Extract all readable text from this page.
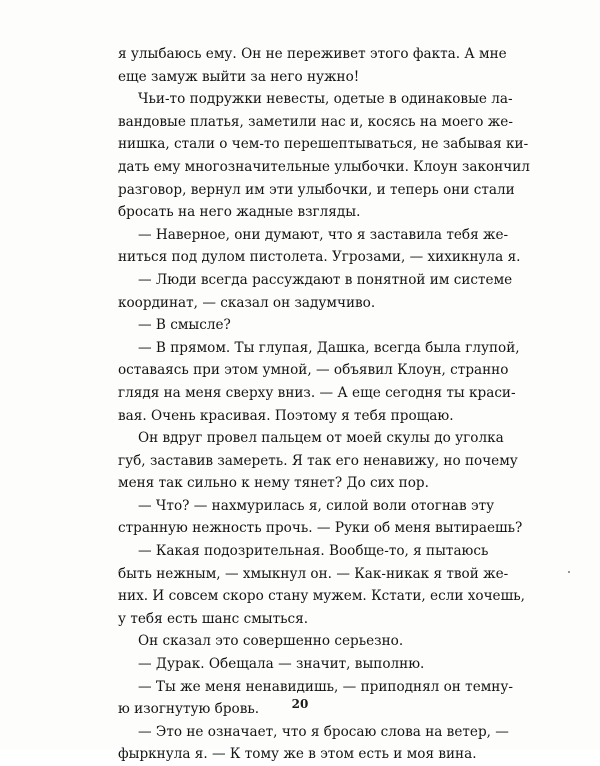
я улыбаюсь ему. Он не переживет этого факта. А мне
еще замуж выйти за него нужно!
Чьи-то подружки невесты, одетые в одинаковые ла-
вандовые платья, заметили нас и, косясь на моего же-
нишка, стали о чем-то перешептываться, не забывая ки-
дать ему многозначительные улыбочки. Клоун закончил
разговор, вернул им эти улыбочки, и теперь они стали
бросать на него жадные взгляды.
— Наверное, они думают, что я заставила тебя же-
ниться под дулом пистолета. Угрозами, — хихикнула я.
— Люди всегда рассуждают в понятной им системе
координат, — сказал он задумчиво.
— В смысле?
— В прямом. Ты глупая, Дашка, всегда была глупой,
оставаясь при этом умной, — объявил Клоун, странно
глядя на меня сверху вниз. — А еще сегодня ты краси-
вая. Очень красивая. Поэтому я тебя прощаю.
Он вдруг провел пальцем от моей скулы до уголка
губ, заставив замереть. Я так его ненавижу, но почему
меня так сильно к нему тянет? До сих пор.
— Что? — нахмурилась я, силой воли отогнав эту
странную нежность прочь. — Руки об меня вытираешь?
— Какая подозрительная. Вообще-то, я пытаюсь
быть нежным, — хмыкнул он. — Как-никак я твой же-
них. И совсем скоро стану мужем. Кстати, если хочешь,
у тебя есть шанс смыться.
Он сказал это совершенно серьезно.
— Дурак. Обещала — значит, выполню.
— Ты же меня ненавидишь, — приподнял он темну-
ю изогнутую бровь.
— Это не означает, что я бросаю слова на ветер, —
фыркнула я. — К тому же в этом есть и моя вина.
20
